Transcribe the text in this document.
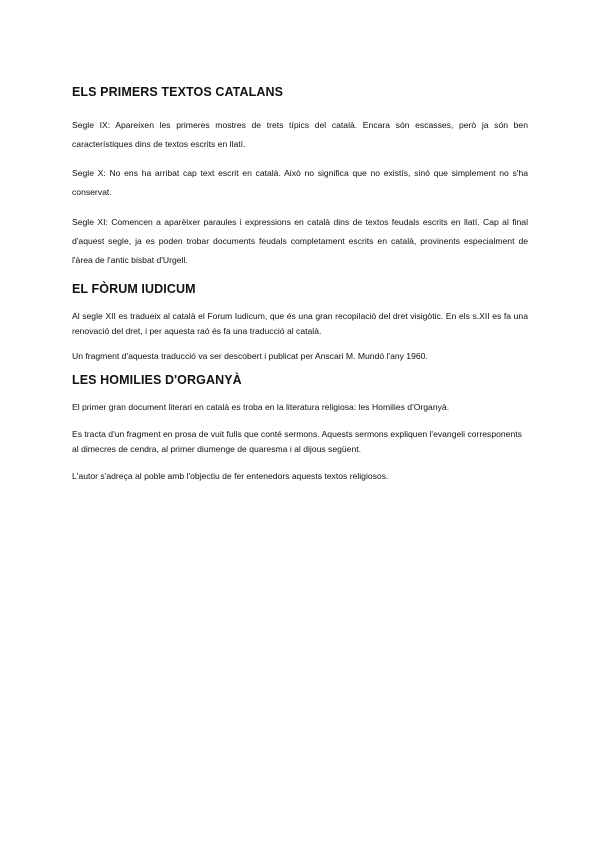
ELS PRIMERS TEXTOS CATALANS

Segle IX: Apareixen les primeres mostres de trets típics del català. Encara són escasses, però ja són ben característiques dins de textos escrits en llatí.

Segle X: No ens ha arribat cap text escrit en català. Això no significa que no existís, sinó que simplement no s'ha conservat.

Segle XI: Comencen a aparèixer paraules i expressions en català dins de textos feudals escrits en llatí. Cap al final d'aquest segle, ja es poden trobar documents feudals completament escrits en català, provinents especialment de l'àrea de l'antic bisbat d'Urgell.

EL FÒRUM IUDICUM

Al segle XII es tradueix al català el Forum Iudicum, que és una gran recopilació del dret visigòtic. En els s.XII es fa una renovació del dret, i per aquesta raó és fa una traducció al català.

Un fragment d'aquesta traducció va ser descobert i publicat per Anscari M. Mundó l'any 1960.

LES HOMILIES D'ORGANYÀ

El primer gran document literari en català es troba en la literatura religiosa: les Homilies d'Organyà.

Es tracta d'un fragment en prosa de vuit fulls que conté sermons. Aquests sermons expliquen l'evangeli corresponents al dimecres de cendra, al primer diumenge de quaresma i al dijous següent.

L'autor s'adreça al poble amb l'objectiu de fer entenedors aquests textos religiosos.
